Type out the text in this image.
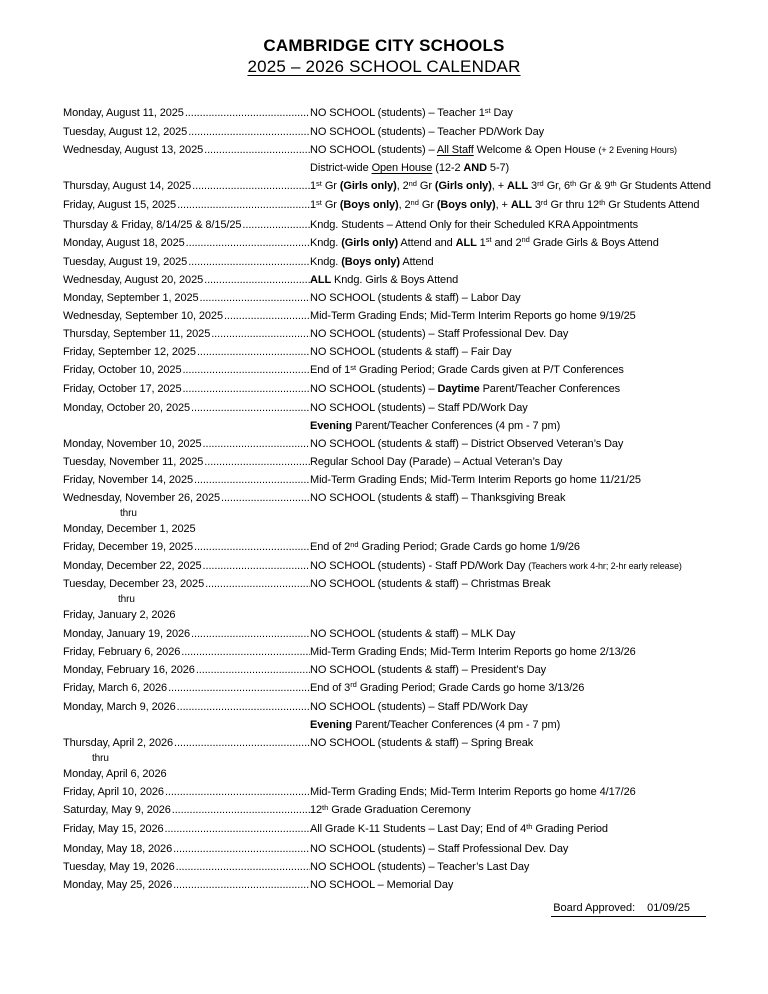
CAMBRIDGE CITY SCHOOLS
2025 – 2026 SCHOOL CALENDAR
Monday, August 11, 2025 .....	NO SCHOOL (students) – Teacher 1st Day
Tuesday, August 12, 2025 .....	NO SCHOOL (students) – Teacher PD/Work Day
Wednesday, August 13, 2025 .....	NO SCHOOL (students) – All Staff Welcome & Open House (+ 2 Evening Hours)
District-wide Open House (12-2 AND 5-7)
Thursday, August 14, 2025 .....	1st Gr (Girls only), 2nd Gr (Girls only), + ALL 3rd Gr, 6th Gr & 9th Gr Students Attend
Friday, August 15, 2025 .....	1st Gr (Boys only), 2nd Gr (Boys only), + ALL 3rd Gr thru 12th Gr Students Attend
Thursday & Friday, 8/14/25 & 8/15/25 .....	Kndg. Students – Attend Only for their Scheduled KRA Appointments
Monday, August 18, 2025 .....	Kndg. (Girls only) Attend and ALL 1st and 2nd Grade Girls & Boys Attend
Tuesday, August 19, 2025 .....	Kndg. (Boys only) Attend
Wednesday, August 20, 2025 .....	ALL Kndg. Girls & Boys Attend
Monday, September 1, 2025 .....	NO SCHOOL (students & staff) – Labor Day
Wednesday, September 10, 2025 .....	Mid-Term Grading Ends; Mid-Term Interim Reports go home 9/19/25
Thursday, September 11, 2025 .....	NO SCHOOL (students) – Staff Professional Dev. Day
Friday, September 12, 2025 .....	NO SCHOOL (students & staff) – Fair Day
Friday, October 10, 2025 .....	End of 1st Grading Period; Grade Cards given at P/T Conferences
Friday, October 17, 2025 .....	NO SCHOOL (students) – Daytime Parent/Teacher Conferences
Monday, October 20, 2025 .....	NO SCHOOL (students) – Staff PD/Work Day
Evening Parent/Teacher Conferences (4 pm - 7 pm)
Monday, November 10, 2025 .....	NO SCHOOL (students & staff) – District Observed Veteran’s Day
Tuesday, November 11, 2025 .....	Regular School Day (Parade) – Actual Veteran’s Day
Friday, November 14, 2025 .....	Mid-Term Grading Ends; Mid-Term Interim Reports go home 11/21/25
Wednesday, November 26, 2025 .....	NO SCHOOL (students & staff) – Thanksgiving Break
thru
Monday, December 1, 2025
Friday, December 19, 2025 .....	End of 2nd Grading Period; Grade Cards go home 1/9/26
Monday, December 22, 2025 .....	NO SCHOOL (students) - Staff PD/Work Day (Teachers work 4-hr; 2-hr early release)
Tuesday, December 23, 2025 .....	NO SCHOOL (students & staff) – Christmas Break
thru
Friday, January 2, 2026
Monday, January 19, 2026 .....	NO SCHOOL (students & staff) – MLK Day
Friday, February 6, 2026 .....	Mid-Term Grading Ends; Mid-Term Interim Reports go home 2/13/26
Monday, February 16, 2026 .....	NO SCHOOL (students & staff) – President’s Day
Friday, March 6, 2026 .....	End of 3rd Grading Period; Grade Cards go home 3/13/26
Monday, March 9, 2026 .....	NO SCHOOL (students) – Staff PD/Work Day
Evening Parent/Teacher Conferences (4 pm - 7 pm)
Thursday, April 2, 2026 .....	NO SCHOOL (students & staff) – Spring Break
thru
Monday, April 6, 2026
Friday, April 10, 2026 .....	Mid-Term Grading Ends; Mid-Term Interim Reports go home 4/17/26
Saturday, May 9, 2026 .....	12th Grade Graduation Ceremony
Friday, May 15, 2026 .....	All Grade K-11 Students – Last Day; End of 4th Grading Period
Monday, May 18, 2026 .....	NO SCHOOL (students) – Staff Professional Dev. Day
Tuesday, May 19, 2026 .....	NO SCHOOL (students) – Teacher’s Last Day
Monday, May 25, 2026 .....	NO SCHOOL – Memorial Day
Board Approved: 01/09/25
